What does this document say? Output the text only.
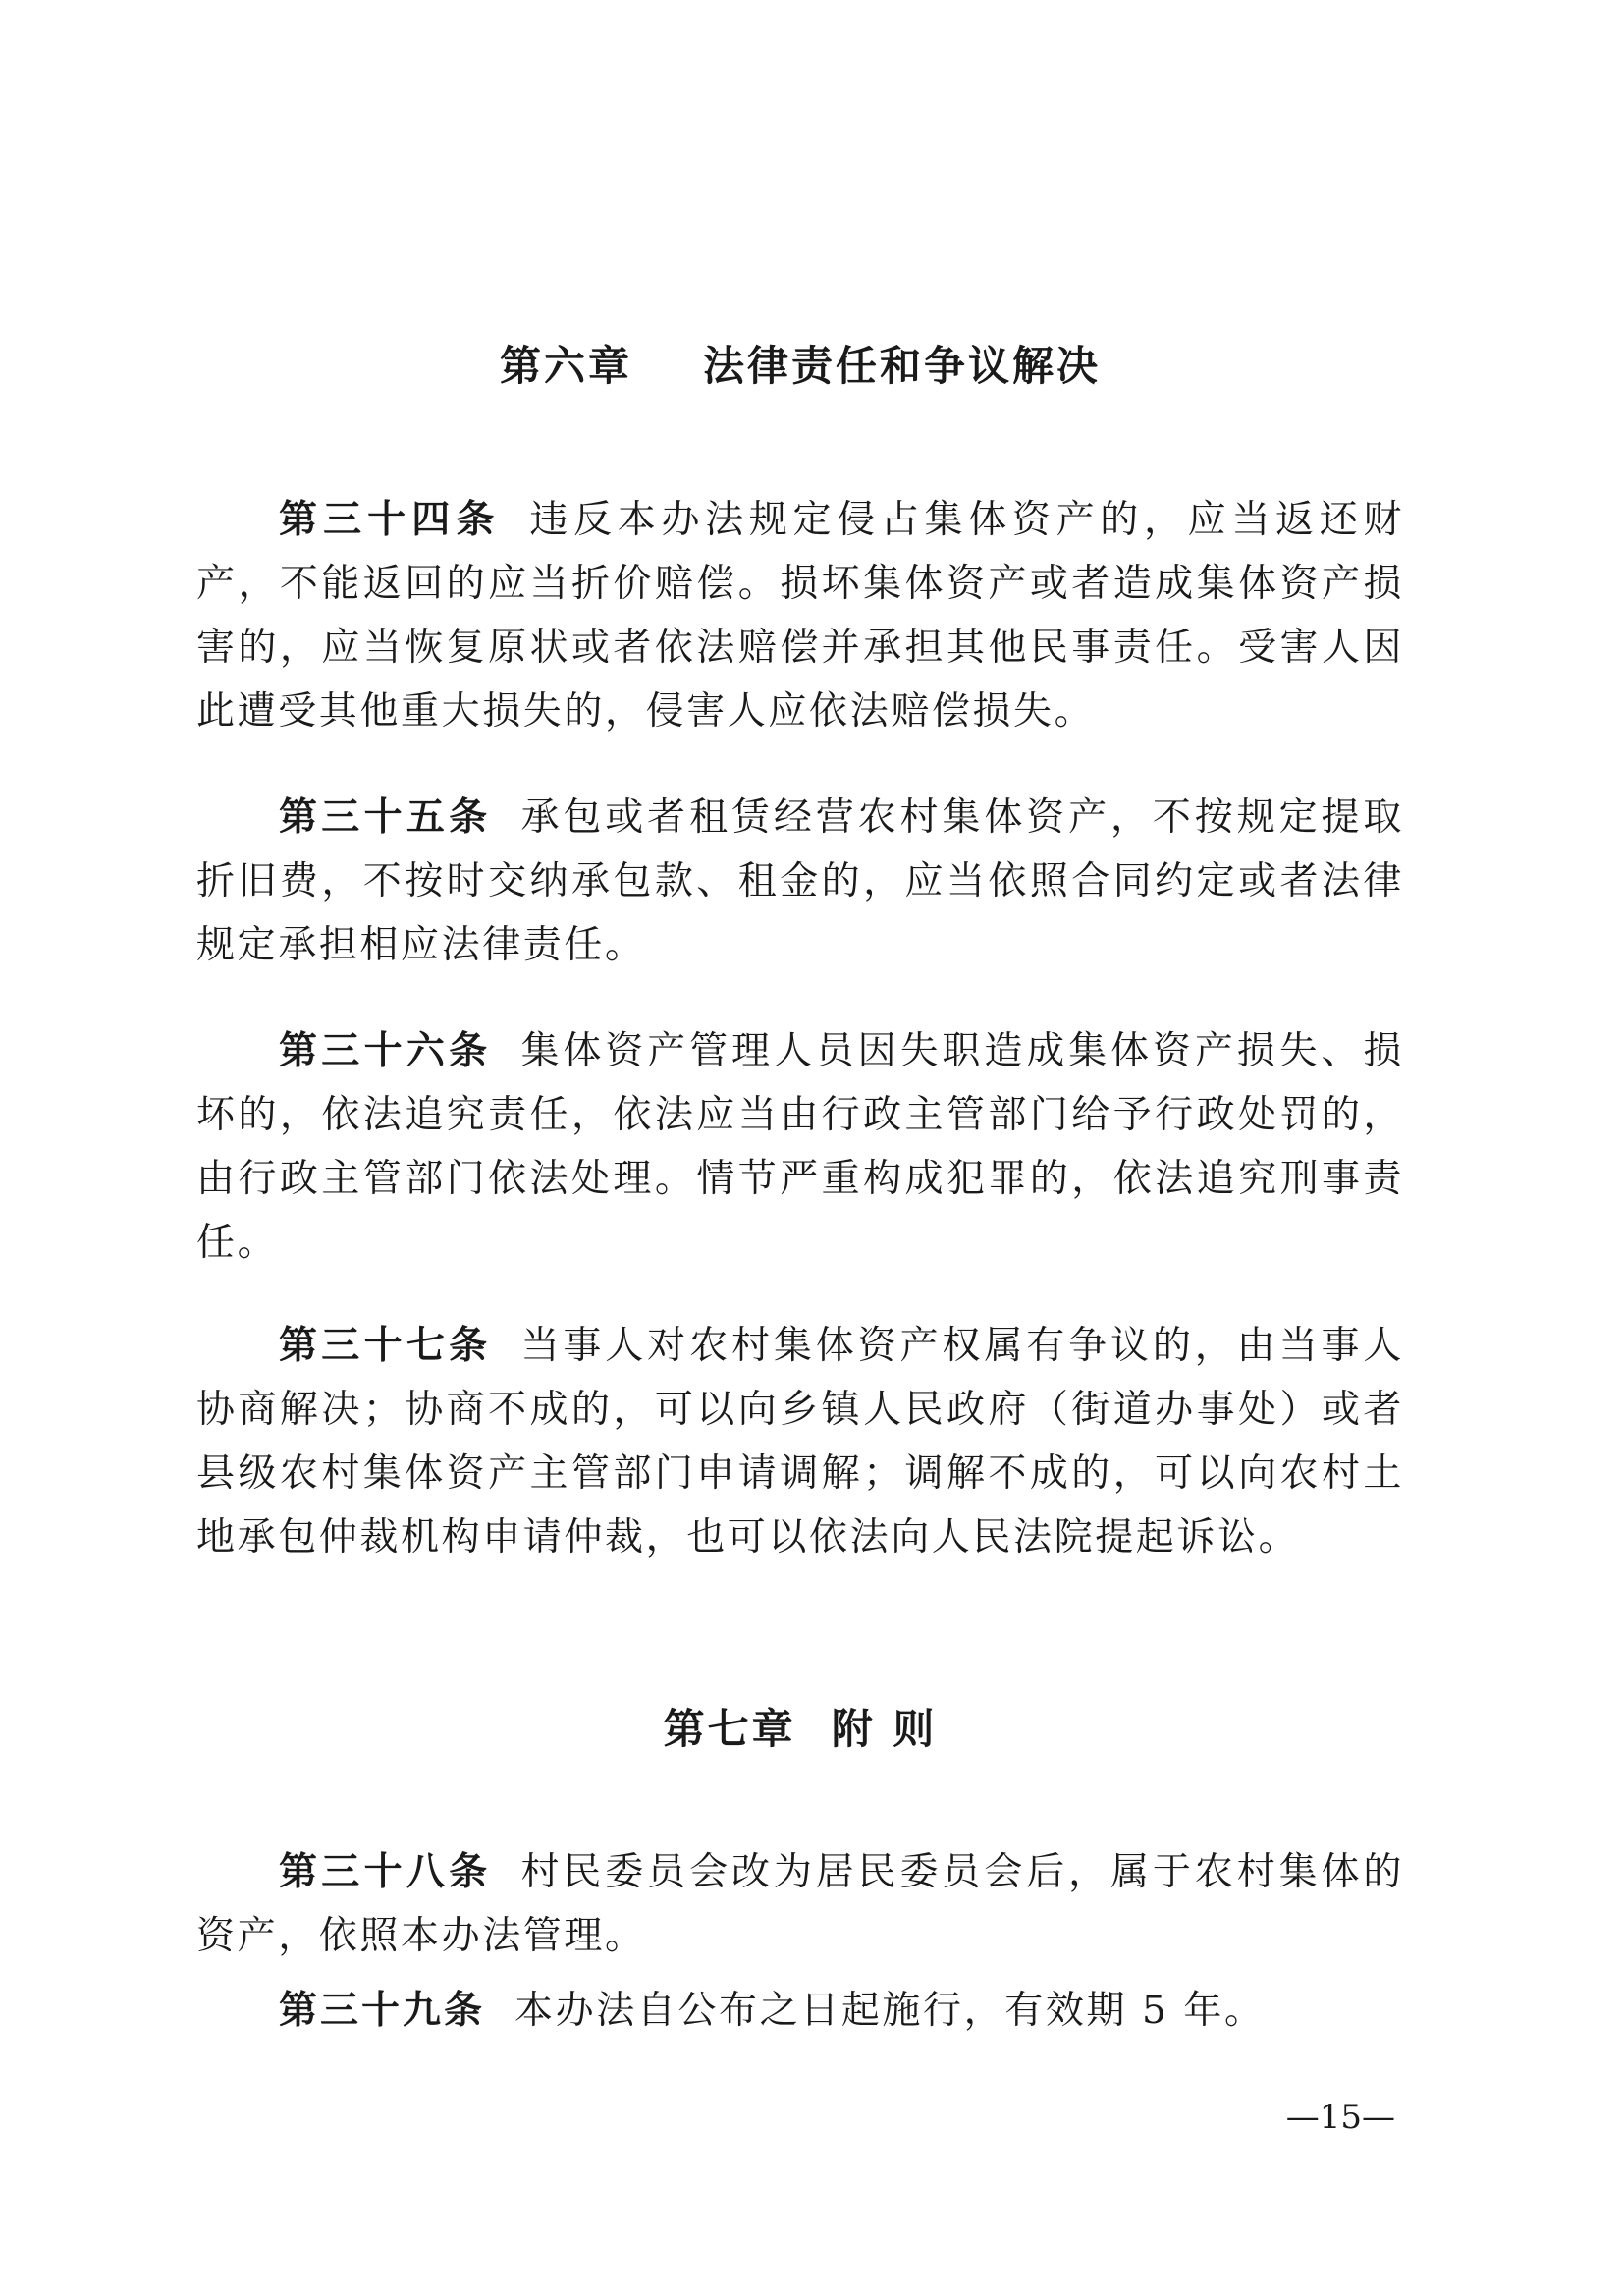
第六章 法律责任和争议解决

第三十四条 违反本办法规定侵占集体资产的，应当返还财产，不能返回的应当折价赔偿。损坏集体资产或者造成集体资产损害的，应当恢复原状或者依法赔偿并承担其他民事责任。受害人因此遭受其他重大损失的，侵害人应依法赔偿损失。

第三十五条 承包或者租赁经营农村集体资产，不按规定提取折旧费，不按时交纳承包款、租金的，应当依照合同约定或者法律规定承担相应法律责任。

第三十六条 集体资产管理人员因失职造成集体资产损失、损坏的，依法追究责任，依法应当由行政主管部门给予行政处罚的，由行政主管部门依法处理。情节严重构成犯罪的，依法追究刑事责任。

第三十七条 当事人对农村集体资产权属有争议的，由当事人协商解决；协商不成的，可以向乡镇人民政府（街道办事处）或者县级农村集体资产主管部门申请调解；调解不成的，可以向农村土地承包仲裁机构申请仲裁，也可以依法向人民法院提起诉讼。

第七章 附 则

第三十八条 村民委员会改为居民委员会后，属于农村集体的资产，依照本办法管理。

第三十九条 本办法自公布之日起施行，有效期 5 年。

—15—
